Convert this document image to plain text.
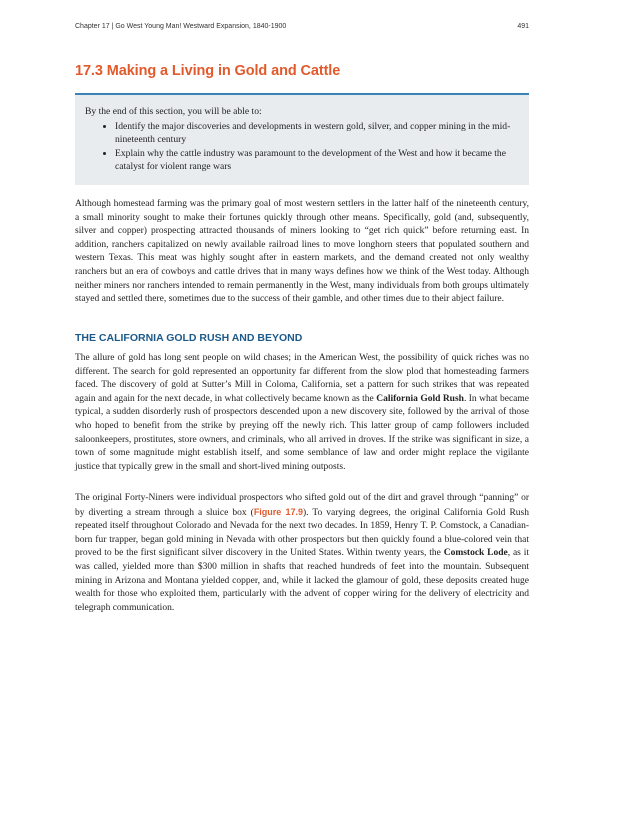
Chapter 17 | Go West Young Man! Westward Expansion, 1840-1900	491
17.3 Making a Living in Gold and Cattle

By the end of this section, you will be able to:

• Identify the major discoveries and developments in western gold, silver, and copper mining in the mid-nineteenth century
• Explain why the cattle industry was paramount to the development of the West and how it became the catalyst for violent range wars

Although homestead farming was the primary goal of most western settlers in the latter half of the nineteenth century, a small minority sought to make their fortunes quickly through other means. Specifically, gold (and, subsequently, silver and copper) prospecting attracted thousands of miners looking to “get rich quick” before returning east. In addition, ranchers capitalized on newly available railroad lines to move longhorn steers that populated southern and western Texas. This meat was highly sought after in eastern markets, and the demand created not only wealthy ranchers but an era of cowboys and cattle drives that in many ways defines how we think of the West today. Although neither miners nor ranchers intended to remain permanently in the West, many individuals from both groups ultimately stayed and settled there, sometimes due to the success of their gamble, and other times due to their abject failure.

THE CALIFORNIA GOLD RUSH AND BEYOND

The allure of gold has long sent people on wild chases; in the American West, the possibility of quick riches was no different. The search for gold represented an opportunity far different from the slow plod that homesteading farmers faced. The discovery of gold at Sutter’s Mill in Coloma, California, set a pattern for such strikes that was repeated again and again for the next decade, in what collectively became known as the California Gold Rush. In what became typical, a sudden disorderly rush of prospectors descended upon a new discovery site, followed by the arrival of those who hoped to benefit from the strike by preying off the newly rich. This latter group of camp followers included saloonkeepers, prostitutes, store owners, and criminals, who all arrived in droves. If the strike was significant in size, a town of some magnitude might establish itself, and some semblance of law and order might replace the vigilante justice that typically grew in the small and short-lived mining outposts.

The original Forty-Niners were individual prospectors who sifted gold out of the dirt and gravel through “panning” or by diverting a stream through a sluice box (Figure 17.9). To varying degrees, the original California Gold Rush repeated itself throughout Colorado and Nevada for the next two decades. In 1859, Henry T. P. Comstock, a Canadian-born fur trapper, began gold mining in Nevada with other prospectors but then quickly found a blue-colored vein that proved to be the first significant silver discovery in the United States. Within twenty years, the Comstock Lode, as it was called, yielded more than $300 million in shafts that reached hundreds of feet into the mountain. Subsequent mining in Arizona and Montana yielded copper, and, while it lacked the glamour of gold, these deposits created huge wealth for those who exploited them, particularly with the advent of copper wiring for the delivery of electricity and telegraph communication.
